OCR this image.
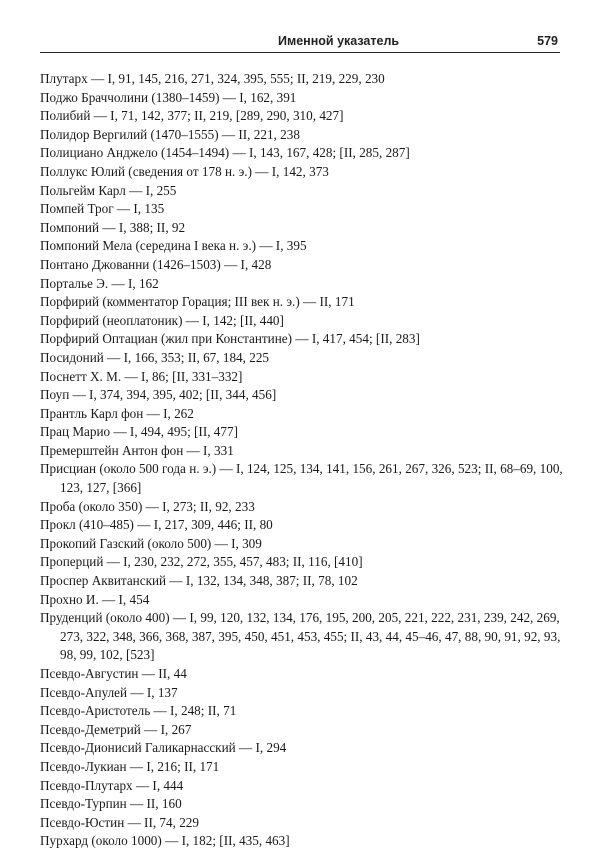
Именной указатель	579
Плутарх — I, 91, 145, 216, 271, 324, 395, 555; II, 219, 229, 230
Поджо Браччолини (1380–1459) — I, 162, 391
Полибий — I, 71, 142, 377; II, 219, [289, 290, 310, 427]
Полидор Вергилий (1470–1555) — II, 221, 238
Полициано Анджело (1454–1494) — I, 143, 167, 428; [II, 285, 287]
Поллукс Юлий (сведения от 178 н. э.) — I, 142, 373
Польгейм Карл — I, 255
Помпей Трог — I, 135
Помпоний — I, 388; II, 92
Помпоний Мела (середина I века н. э.) — I, 395
Понтано Джованни (1426–1503) — I, 428
Порталье Э. — I, 162
Порфирий (комментатор Горация; III век н. э.) — II, 171
Порфирий (неоплатоник) — I, 142; [II, 440]
Порфирий Оптациан (жил при Константине) — I, 417, 454; [II, 283]
Посидоний — I, 166, 353; II, 67, 184, 225
Поснетт Х. М. — I, 86; [II, 331–332]
Поуп — I, 374, 394, 395, 402; [II, 344, 456]
Прантль Карл фон — I, 262
Прац Марио — I, 494, 495; [II, 477]
Премерштейн Антон фон — I, 331
Присциан (около 500 года н. э.) — I, 124, 125, 134, 141, 156, 261, 267, 326, 523; II, 68–69, 100, 123, 127, [366]
Проба (около 350) — I, 273; II, 92, 233
Прокл (410–485) — I, 217, 309, 446; II, 80
Прокопий Газский (около 500) — I, 309
Проперций — I, 230, 232, 272, 355, 457, 483; II, 116, [410]
Проспер Аквитанский — I, 132, 134, 348, 387; II, 78, 102
Прохно И. — I, 454
Пруденций (около 400) — I, 99, 120, 132, 134, 176, 195, 200, 205, 221, 222, 231, 239, 242, 269, 273, 322, 348, 366, 368, 387, 395, 450, 451, 453, 455; II, 43, 44, 45–46, 47, 88, 90, 91, 92, 93, 98, 99, 102, [523]
Псевдо-Августин — II, 44
Псевдо-Апулей — I, 137
Псевдо-Аристотель — I, 248; II, 71
Псевдо-Деметрий — I, 267
Псевдо-Дионисий Галикарнасский — I, 294
Псевдо-Лукиан — I, 216; II, 171
Псевдо-Плутарх — I, 444
Псевдо-Турпин — II, 160
Псевдо-Юстин — II, 74, 229
Пурхард (около 1000) — I, 182; [II, 435, 463]
